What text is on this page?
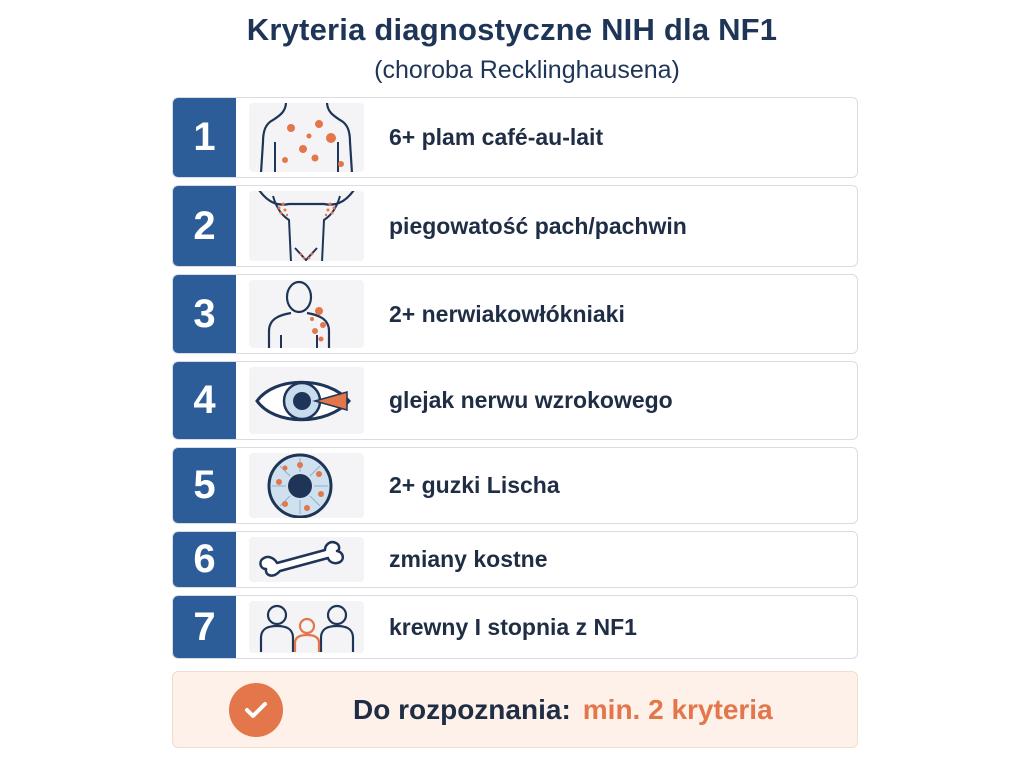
Kryteria diagnostyczne NIH dla NF1
(choroba Recklinghausena)
1	6+ plam café-au-lait
2	piegowatość pach/pachwin
3	2+ nerwiakowłókniaki
4	glejak nerwu wzrokowego
5	2+ guzki Lischa
6	zmiany kostne
7	krewny I stopnia z NF1
Do rozpoznania: min. 2 kryteria
